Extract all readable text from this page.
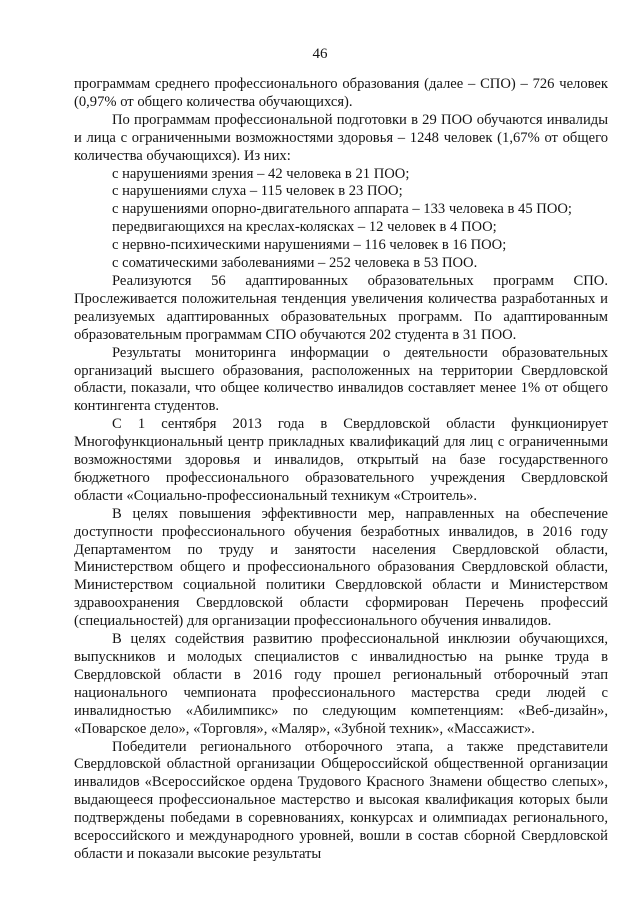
46

программам среднего профессионального образования (далее – СПО) – 726 человек (0,97% от общего количества обучающихся).

По программам профессиональной подготовки в 29 ПОО обучаются инвалиды и лица с ограниченными возможностями здоровья – 1248 человек (1,67% от общего количества обучающихся). Из них:

с нарушениями зрения – 42 человека в 21 ПОО;

с нарушениями слуха – 115 человек в 23 ПОО;

с нарушениями опорно-двигательного аппарата – 133 человека в 45 ПОО;

передвигающихся на креслах-колясках – 12 человек в 4 ПОО;

с нервно-психическими нарушениями – 116 человек в 16 ПОО;

с соматическими заболеваниями – 252 человека в 53 ПОО.

Реализуются 56 адаптированных образовательных программ СПО. Прослеживается положительная тенденция увеличения количества разработанных и реализуемых адаптированных образовательных программ. По адаптированным образовательным программам СПО обучаются 202 студента в 31 ПОО.

Результаты мониторинга информации о деятельности образовательных организаций высшего образования, расположенных на территории Свердловской области, показали, что общее количество инвалидов составляет менее 1% от общего контингента студентов.

С 1 сентября 2013 года в Свердловской области функционирует Многофункциональный центр прикладных квалификаций для лиц с ограниченными возможностями здоровья и инвалидов, открытый на базе государственного бюджетного профессионального образовательного учреждения Свердловской области «Социально-профессиональный техникум «Строитель».

В целях повышения эффективности мер, направленных на обеспечение доступности профессионального обучения безработных инвалидов, в 2016 году Департаментом по труду и занятости населения Свердловской области, Министерством общего и профессионального образования Свердловской области, Министерством социальной политики Свердловской области и Министерством здравоохранения Свердловской области сформирован Перечень профессий (специальностей) для организации профессионального обучения инвалидов.

В целях содействия развитию профессиональной инклюзии обучающихся, выпускников и молодых специалистов с инвалидностью на рынке труда в Свердловской области в 2016 году прошел региональный отборочный этап национального чемпионата профессионального мастерства среди людей с инвалидностью «Абилимпикс» по следующим компетенциям: «Веб-дизайн», «Поварское дело», «Торговля», «Маляр», «Зубной техник», «Массажист».

Победители регионального отборочного этапа, а также представители Свердловской областной организации Общероссийской общественной организации инвалидов «Всероссийское ордена Трудового Красного Знамени общество слепых», выдающееся профессиональное мастерство и высокая квалификация которых были подтверждены победами в соревнованиях, конкурсах и олимпиадах регионального, всероссийского и международного уровней, вошли в состав сборной Свердловской области и показали высокие результаты
